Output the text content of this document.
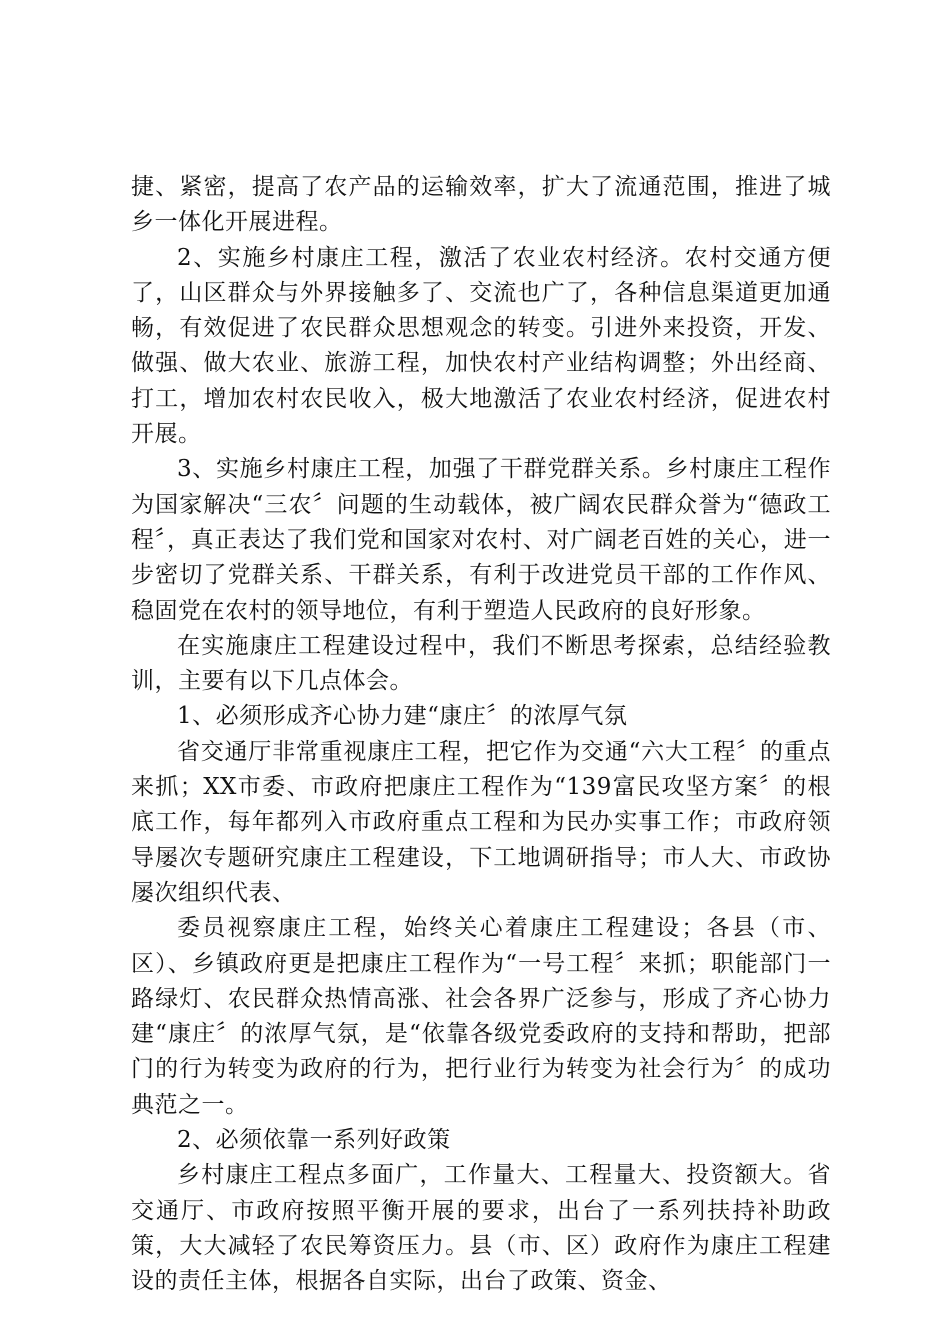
捷、紧密，提高了农产品的运输效率，扩大了流通范围，推进了城乡一体化开展进程。

2、实施乡村康庄工程，激活了农业农村经济。农村交通方便了，山区群众与外界接触多了、交流也广了，各种信息渠道更加通畅，有效促进了农民群众思想观念的转变。引进外来投资，开发、做强、做大农业、旅游工程，加快农村产业结构调整；外出经商、打工，增加农村农民收入，极大地激活了农业农村经济，促进农村开展。

3、实施乡村康庄工程，加强了干群党群关系。乡村康庄工程作为国家解决“三农〞问题的生动载体，被广阔农民群众誉为“德政工程〞，真正表达了我们党和国家对农村、对广阔老百姓的关心，进一步密切了党群关系、干群关系，有利于改进党员干部的工作作风、稳固党在农村的领导地位，有利于塑造人民政府的良好形象。

在实施康庄工程建设过程中，我们不断思考探索，总结经验教训，主要有以下几点体会。

1、必须形成齐心协力建“康庄〞的浓厚气氛

省交通厅非常重视康庄工程，把它作为交通“六大工程〞的重点来抓；XX市委、市政府把康庄工程作为“139富民攻坚方案〞的根底工作，每年都列入市政府重点工程和为民办实事工作；市政府领导屡次专题研究康庄工程建设，下工地调研指导；市人大、市政协屡次组织代表、

委员视察康庄工程，始终关心着康庄工程建设；各县（市、区）、乡镇政府更是把康庄工程作为“一号工程〞来抓；职能部门一路绿灯、农民群众热情高涨、社会各界广泛参与，形成了齐心协力建“康庄〞的浓厚气氛，是“依靠各级党委政府的支持和帮助，把部门的行为转变为政府的行为，把行业行为转变为社会行为〞的成功典范之一。

2、必须依靠一系列好政策

乡村康庄工程点多面广，工作量大、工程量大、投资额大。省交通厅、市政府按照平衡开展的要求，出台了一系列扶持补助政策，大大减轻了农民筹资压力。县（市、区）政府作为康庄工程建设的责任主体，根据各自实际，出台了政策、资金、
